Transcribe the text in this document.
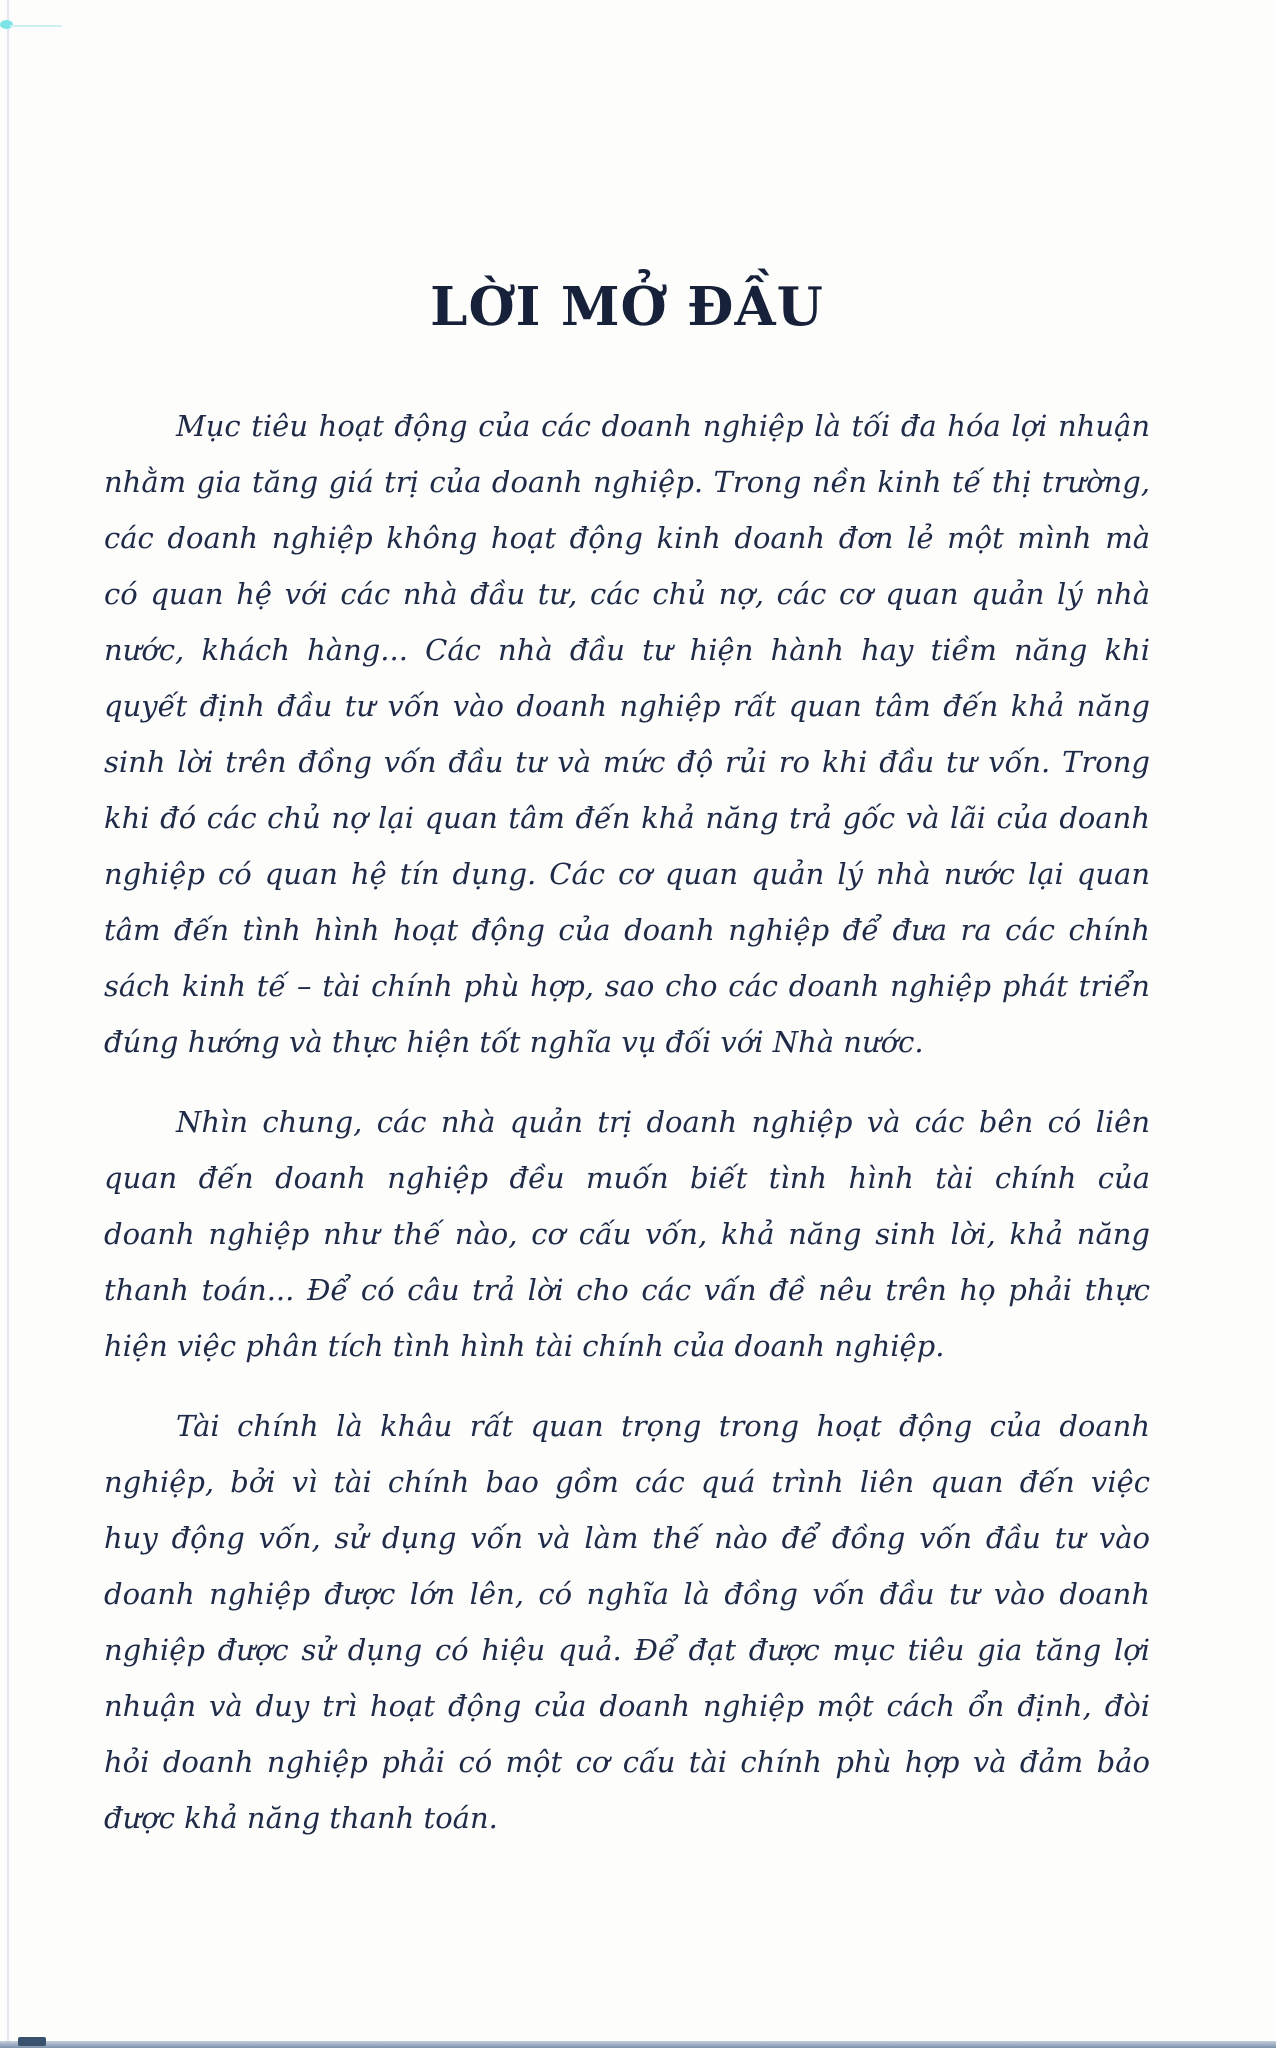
LỜI MỞ ĐẦU
Mục tiêu hoạt động của các doanh nghiệp là tối đa hóa lợi nhuận
nhằm gia tăng giá trị của doanh nghiệp. Trong nền kinh tế thị trường,
các doanh nghiệp không hoạt động kinh doanh đơn lẻ một mình mà
có quan hệ với các nhà đầu tư, các chủ nợ, các cơ quan quản lý nhà
nước, khách hàng... Các nhà đầu tư hiện hành hay tiềm năng khi
quyết định đầu tư vốn vào doanh nghiệp rất quan tâm đến khả năng
sinh lời trên đồng vốn đầu tư và mức độ rủi ro khi đầu tư vốn. Trong
khi đó các chủ nợ lại quan tâm đến khả năng trả gốc và lãi của doanh
nghiệp có quan hệ tín dụng. Các cơ quan quản lý nhà nước lại quan
tâm đến tình hình hoạt động của doanh nghiệp để đưa ra các chính
sách kinh tế – tài chính phù hợp, sao cho các doanh nghiệp phát triển
đúng hướng và thực hiện tốt nghĩa vụ đối với Nhà nước.
Nhìn chung, các nhà quản trị doanh nghiệp và các bên có liên
quan đến doanh nghiệp đều muốn biết tình hình tài chính của
doanh nghiệp như thế nào, cơ cấu vốn, khả năng sinh lời, khả năng
thanh toán... Để có câu trả lời cho các vấn đề nêu trên họ phải thực
hiện việc phân tích tình hình tài chính của doanh nghiệp.
Tài chính là khâu rất quan trọng trong hoạt động của doanh
nghiệp, bởi vì tài chính bao gồm các quá trình liên quan đến việc
huy động vốn, sử dụng vốn và làm thế nào để đồng vốn đầu tư vào
doanh nghiệp được lớn lên, có nghĩa là đồng vốn đầu tư vào doanh
nghiệp được sử dụng có hiệu quả. Để đạt được mục tiêu gia tăng lợi
nhuận và duy trì hoạt động của doanh nghiệp một cách ổn định, đòi
hỏi doanh nghiệp phải có một cơ cấu tài chính phù hợp và đảm bảo
được khả năng thanh toán.
